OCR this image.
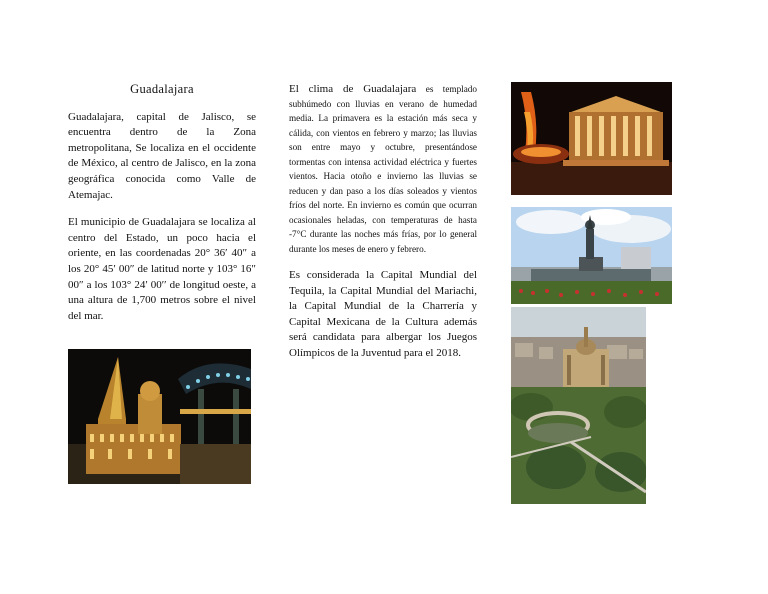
Guadalajara

Guadalajara, capital de Jalisco, se encuentra dentro de la Zona metropolitana, Se localiza en el occidente de México, al centro de Jalisco, en la zona geográfica conocida como Valle de Atemajac.

El municipio de Guadalajara se localiza al centro del Estado, un poco hacia el oriente, en las coordenadas 20° 36′ 40″ a los 20° 45′ 00″ de latitud norte y 103° 16″ 00″ a los 103° 24′ 00′′ de longitud oeste, a una altura de 1,700 metros sobre el nivel del mar.

El clima de Guadalajara es templado subhúmedo con lluvias en verano de humedad media. La primavera es la estación más seca y cálida, con vientos en febrero y marzo; las lluvias son entre mayo y octubre, presentándose tormentas con intensa actividad eléctrica y fuertes vientos. Hacia otoño e invierno las lluvias se reducen y dan paso a los días soleados y vientos fríos del norte. En invierno es común que ocurran ocasionales heladas, con temperaturas de hasta -7°C durante las noches más frías, por lo general durante los meses de enero y febrero.

Es considerada la Capital Mundial del Tequila, la Capital Mundial del Mariachi, la Capital Mundial de la Charrería y Capital Mexicana de la Cultura además será candidata para albergar los Juegos Olímpicos de la Juventud para el 2018.
